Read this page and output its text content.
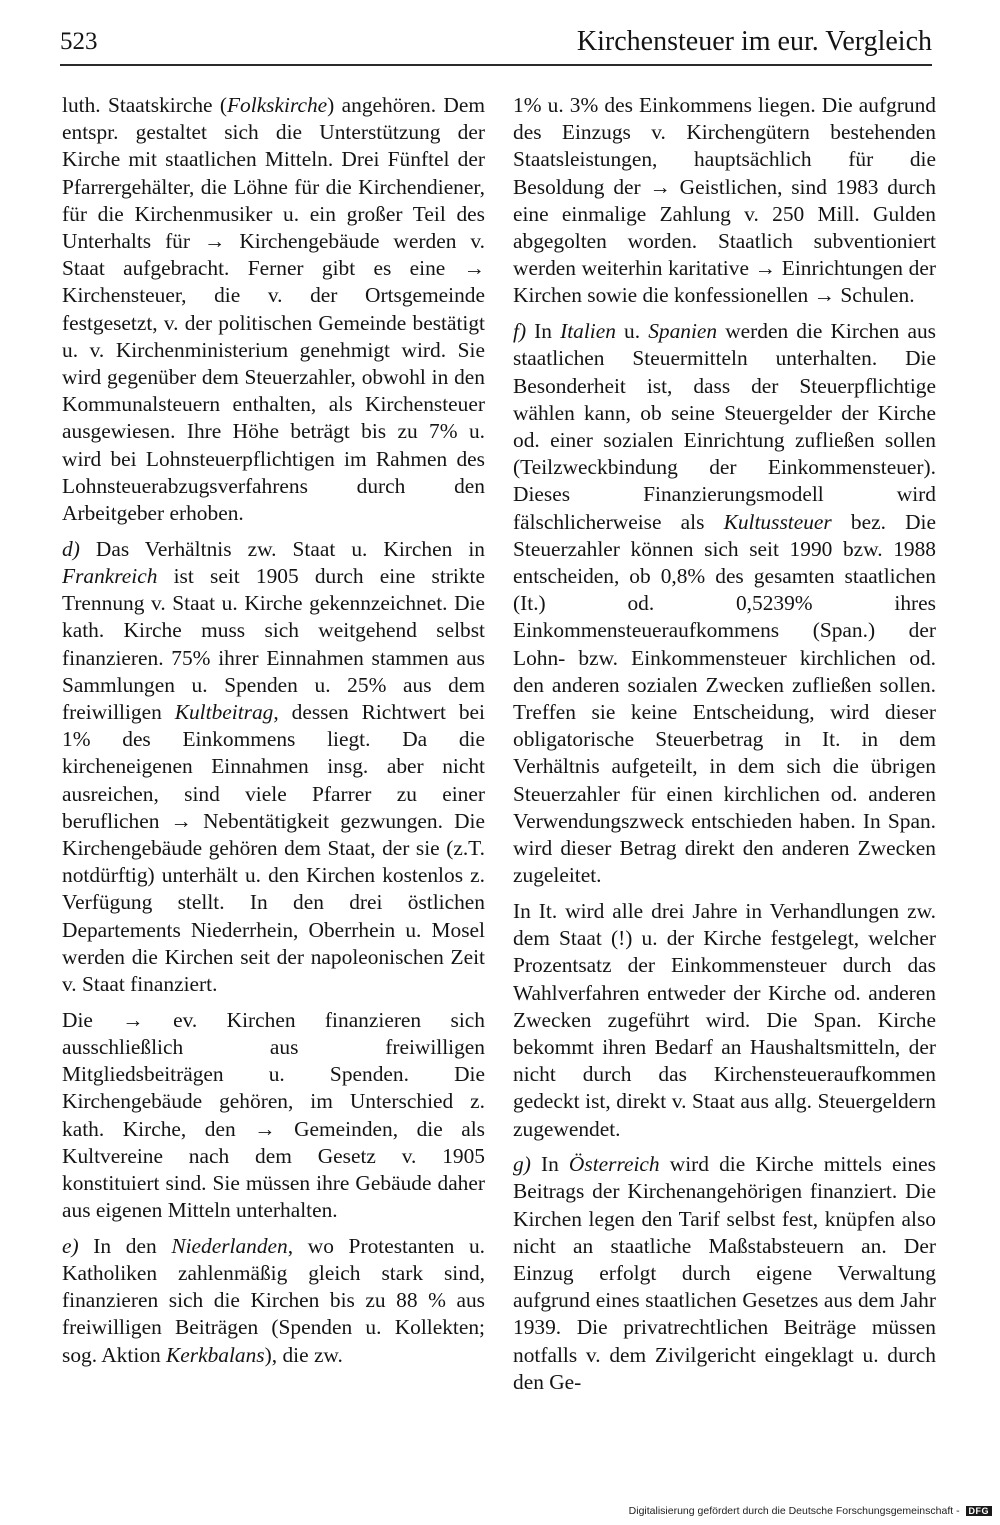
523	Kirchensteuer im eur. Vergleich

luth. Staatskirche (Folkskirche) angehören. Dem entspr. gestaltet sich die Unterstützung der Kirche mit staatlichen Mitteln. Drei Fünftel der Pfarrergehälter, die Löhne für die Kirchendiener, für die Kirchenmusiker u. ein großer Teil des Unterhalts für → Kirchengebäude werden v. Staat aufgebracht. Ferner gibt es eine → Kirchensteuer, die v. der Ortsgemeinde festgesetzt, v. der politischen Gemeinde bestätigt u. v. Kirchenministerium genehmigt wird. Sie wird gegenüber dem Steuerzahler, obwohl in den Kommunalsteuern enthalten, als Kirchensteuer ausgewiesen. Ihre Höhe beträgt bis zu 7% u. wird bei Lohnsteuerpflichtigen im Rahmen des Lohnsteuerabzugsverfahrens durch den Arbeitgeber erhoben.

d) Das Verhältnis zw. Staat u. Kirchen in Frankreich ist seit 1905 durch eine strikte Trennung v. Staat u. Kirche gekennzeichnet. Die kath. Kirche muss sich weitgehend selbst finanzieren. 75% ihrer Einnahmen stammen aus Sammlungen u. Spenden u. 25% aus dem freiwilligen Kultbeitrag, dessen Richtwert bei 1% des Einkommens liegt. Da die kircheneigenen Einnahmen insg. aber nicht ausreichen, sind viele Pfarrer zu einer beruflichen → Nebentätigkeit gezwungen. Die Kirchengebäude gehören dem Staat, der sie (z.T. notdürftig) unterhält u. den Kirchen kostenlos z. Verfügung stellt. In den drei östlichen Departements Niederrhein, Oberrhein u. Mosel werden die Kirchen seit der napoleonischen Zeit v. Staat finanziert.

Die → ev. Kirchen finanzieren sich ausschließlich aus freiwilligen Mitgliedsbeiträgen u. Spenden. Die Kirchengebäude gehören, im Unterschied z. kath. Kirche, den → Gemeinden, die als Kultvereine nach dem Gesetz v. 1905 konstituiert sind. Sie müssen ihre Gebäude daher aus eigenen Mitteln unterhalten.

e) In den Niederlanden, wo Protestanten u. Katholiken zahlenmäßig gleich stark sind, finanzieren sich die Kirchen bis zu 88 % aus freiwilligen Beiträgen (Spenden u. Kollekten; sog. Aktion Kerkbalans), die zw.

1% u. 3% des Einkommens liegen. Die aufgrund des Einzugs v. Kirchengütern bestehenden Staatsleistungen, hauptsächlich für die Besoldung der → Geistlichen, sind 1983 durch eine einmalige Zahlung v. 250 Mill. Gulden abgegolten worden. Staatlich subventioniert werden weiterhin karitative → Einrichtungen der Kirchen sowie die konfessionellen → Schulen.

f) In Italien u. Spanien werden die Kirchen aus staatlichen Steuermitteln unterhalten. Die Besonderheit ist, dass der Steuerpflichtige wählen kann, ob seine Steuergelder der Kirche od. einer sozialen Einrichtung zufließen sollen (Teilzweckbindung der Einkommensteuer). Dieses Finanzierungsmodell wird fälschlicherweise als Kultussteuer bez. Die Steuerzahler können sich seit 1990 bzw. 1988 entscheiden, ob 0,8% des gesamten staatlichen (It.) od. 0,5239% ihres Einkommensteueraufkommens (Span.) der Lohn- bzw. Einkommensteuer kirchlichen od. den anderen sozialen Zwecken zufließen sollen. Treffen sie keine Entscheidung, wird dieser obligatorische Steuerbetrag in It. in dem Verhältnis aufgeteilt, in dem sich die übrigen Steuerzahler für einen kirchlichen od. anderen Verwendungszweck entschieden haben. In Span. wird dieser Betrag direkt den anderen Zwecken zugeleitet.

In It. wird alle drei Jahre in Verhandlungen zw. dem Staat (!) u. der Kirche festgelegt, welcher Prozentsatz der Einkommensteuer durch das Wahlverfahren entweder der Kirche od. anderen Zwecken zugeführt wird. Die Span. Kirche bekommt ihren Bedarf an Haushaltsmitteln, der nicht durch das Kirchensteueraufkommen gedeckt ist, direkt v. Staat aus allg. Steuergeldern zugewendet.

g) In Österreich wird die Kirche mittels eines Beitrags der Kirchenangehörigen finanziert. Die Kirchen legen den Tarif selbst fest, knüpfen also nicht an staatliche Maßstabsteuern an. Der Einzug erfolgt durch eigene Verwaltung aufgrund eines staatlichen Gesetzes aus dem Jahr 1939. Die privatrechtlichen Beiträge müssen notfalls v. dem Zivilgericht eingeklagt u. durch den Ge-

Digitalisierung gefördert durch die Deutsche Forschungsgemeinschaft - DFG
